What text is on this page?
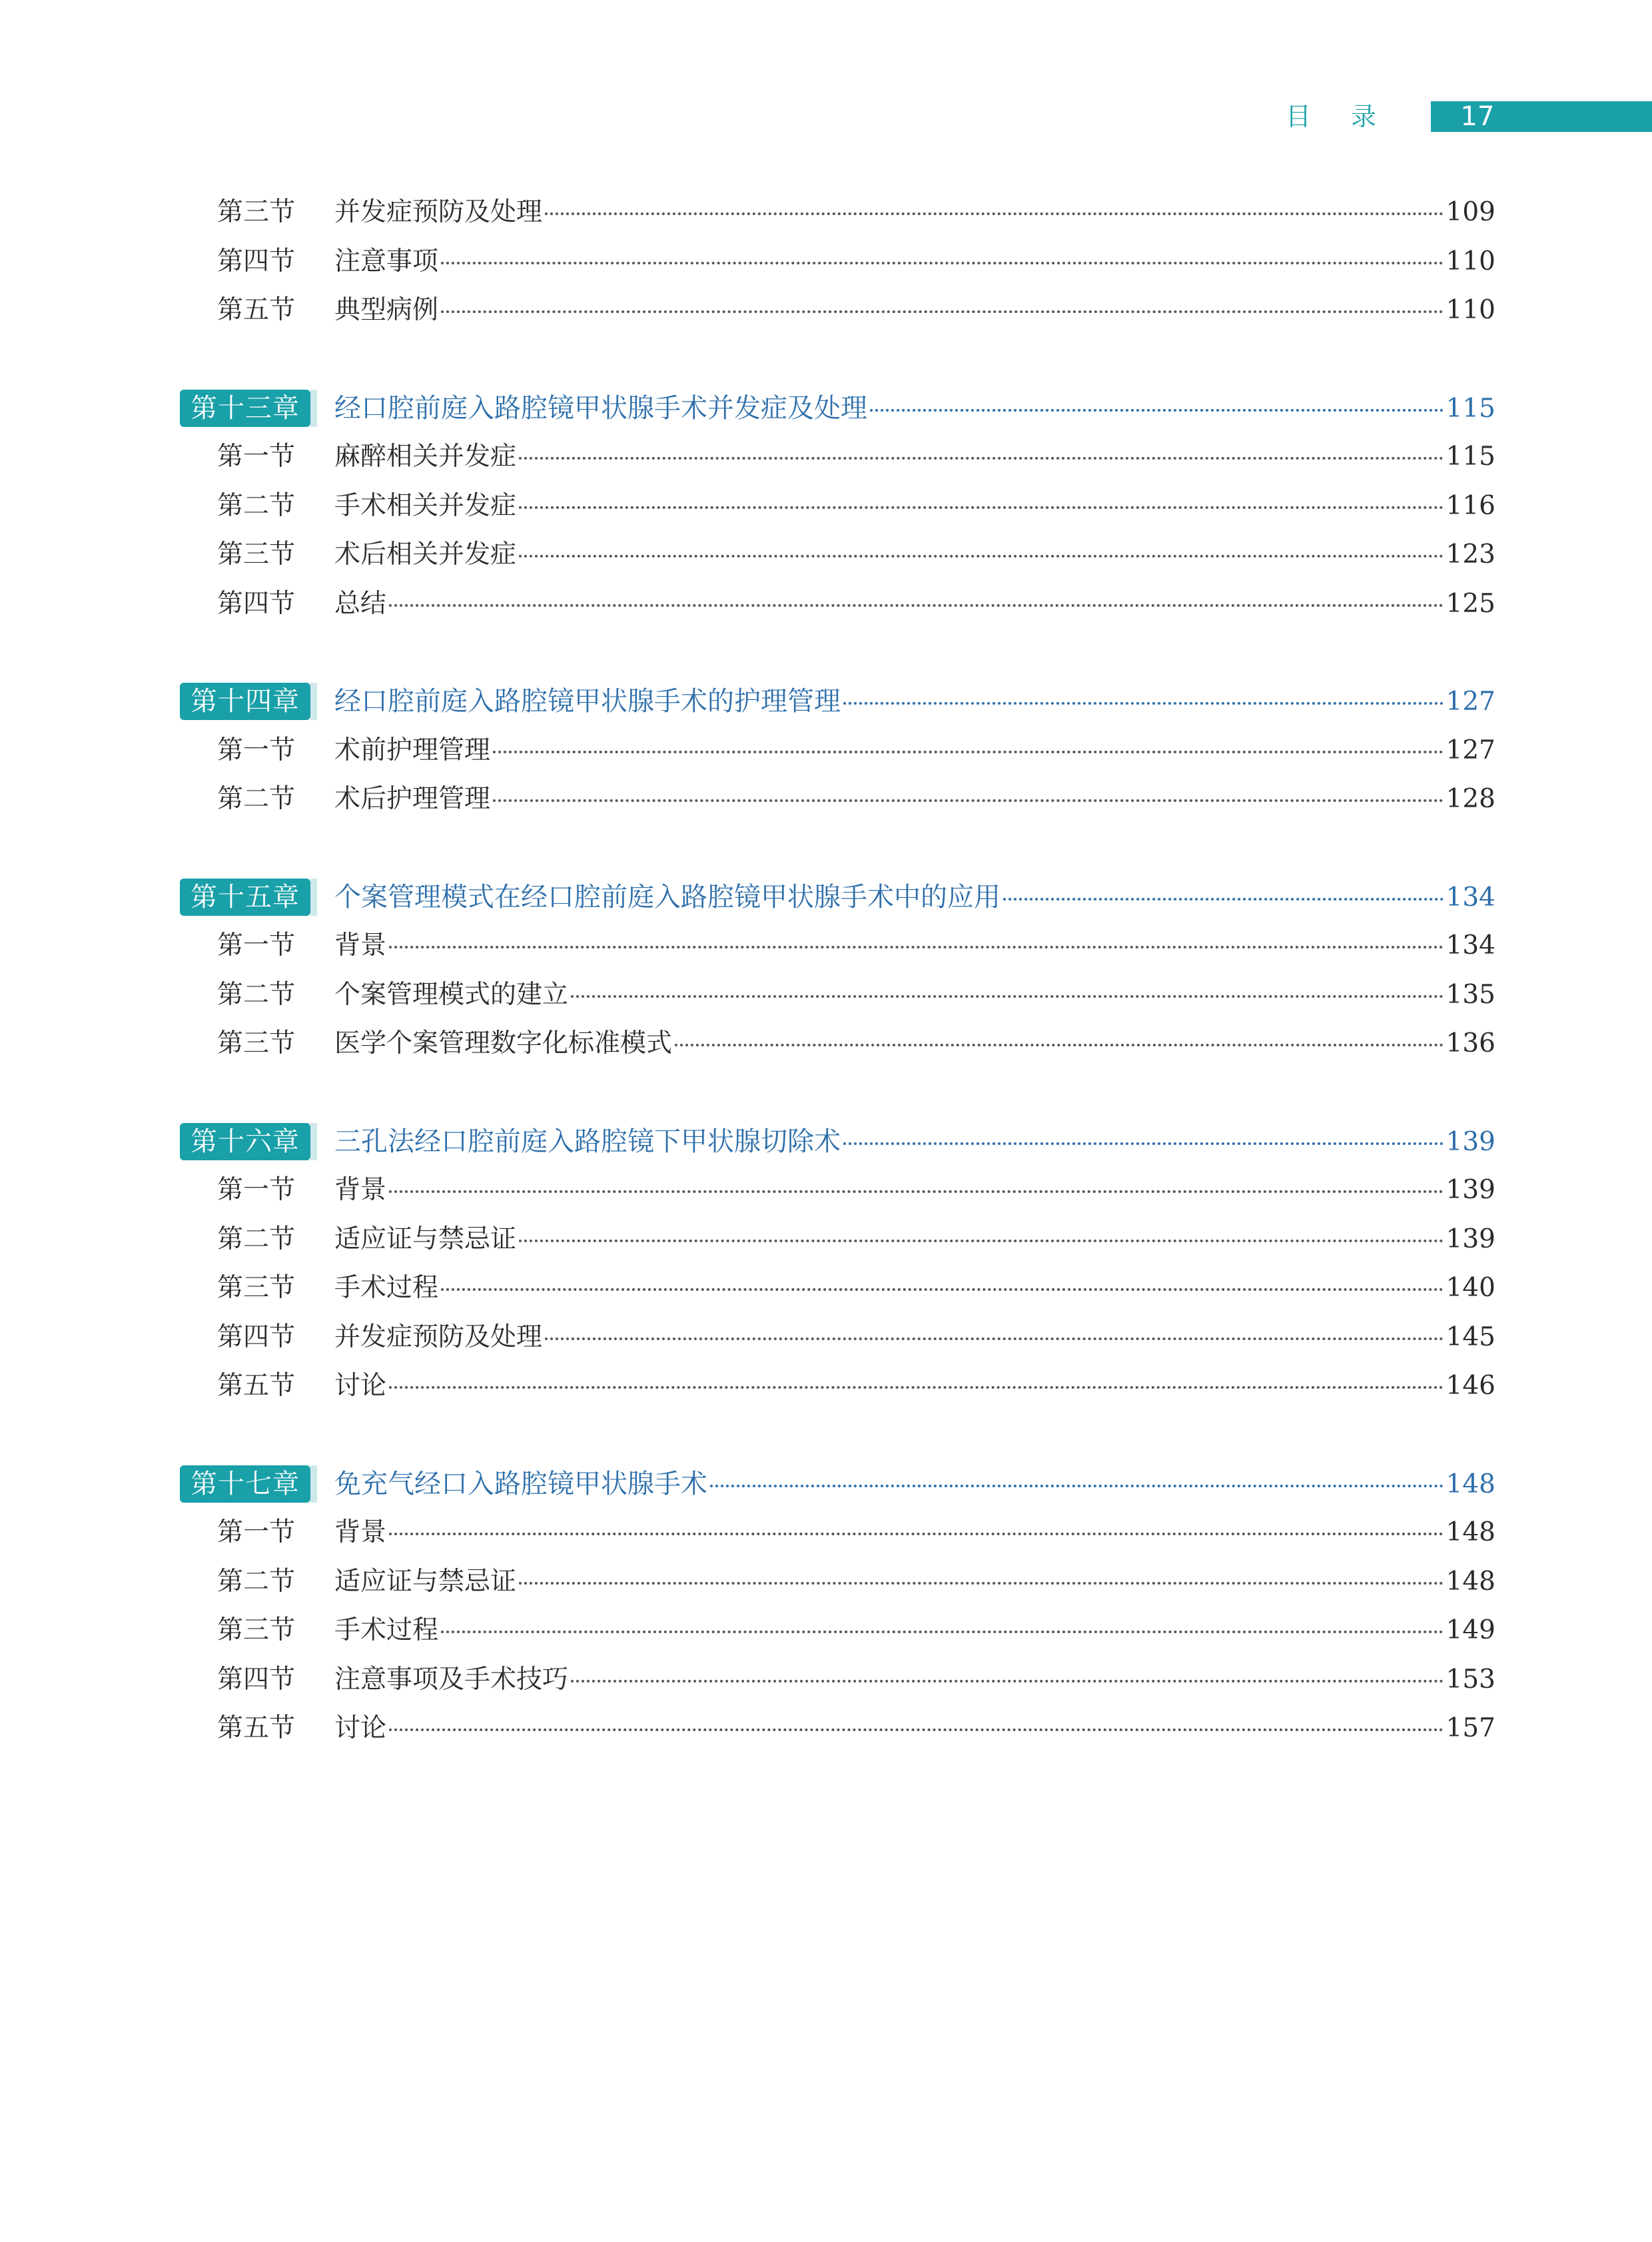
目录	17
第三节 并发症预防及处理	109
第四节 注意事项	110
第五节 典型病例	110
第十三章	经口腔前庭入路腔镜甲状腺手术并发症及处理	115
第一节 麻醉相关并发症	115
第二节 手术相关并发症	116
第三节 术后相关并发症	123
第四节 总结	125
第十四章	经口腔前庭入路腔镜甲状腺手术的护理管理	127
第一节 术前护理管理	127
第二节 术后护理管理	128
第十五章	个案管理模式在经口腔前庭入路腔镜甲状腺手术中的应用	134
第一节 背景	134
第二节 个案管理模式的建立	135
第三节 医学个案管理数字化标准模式	136
第十六章	三孔法经口腔前庭入路腔镜下甲状腺切除术	139
第一节 背景	139
第二节 适应证与禁忌证	139
第三节 手术过程	140
第四节 并发症预防及处理	145
第五节 讨论	146
第十七章	免充气经口入路腔镜甲状腺手术	148
第一节 背景	148
第二节 适应证与禁忌证	148
第三节 手术过程	149
第四节 注意事项及手术技巧	153
第五节 讨论	157
